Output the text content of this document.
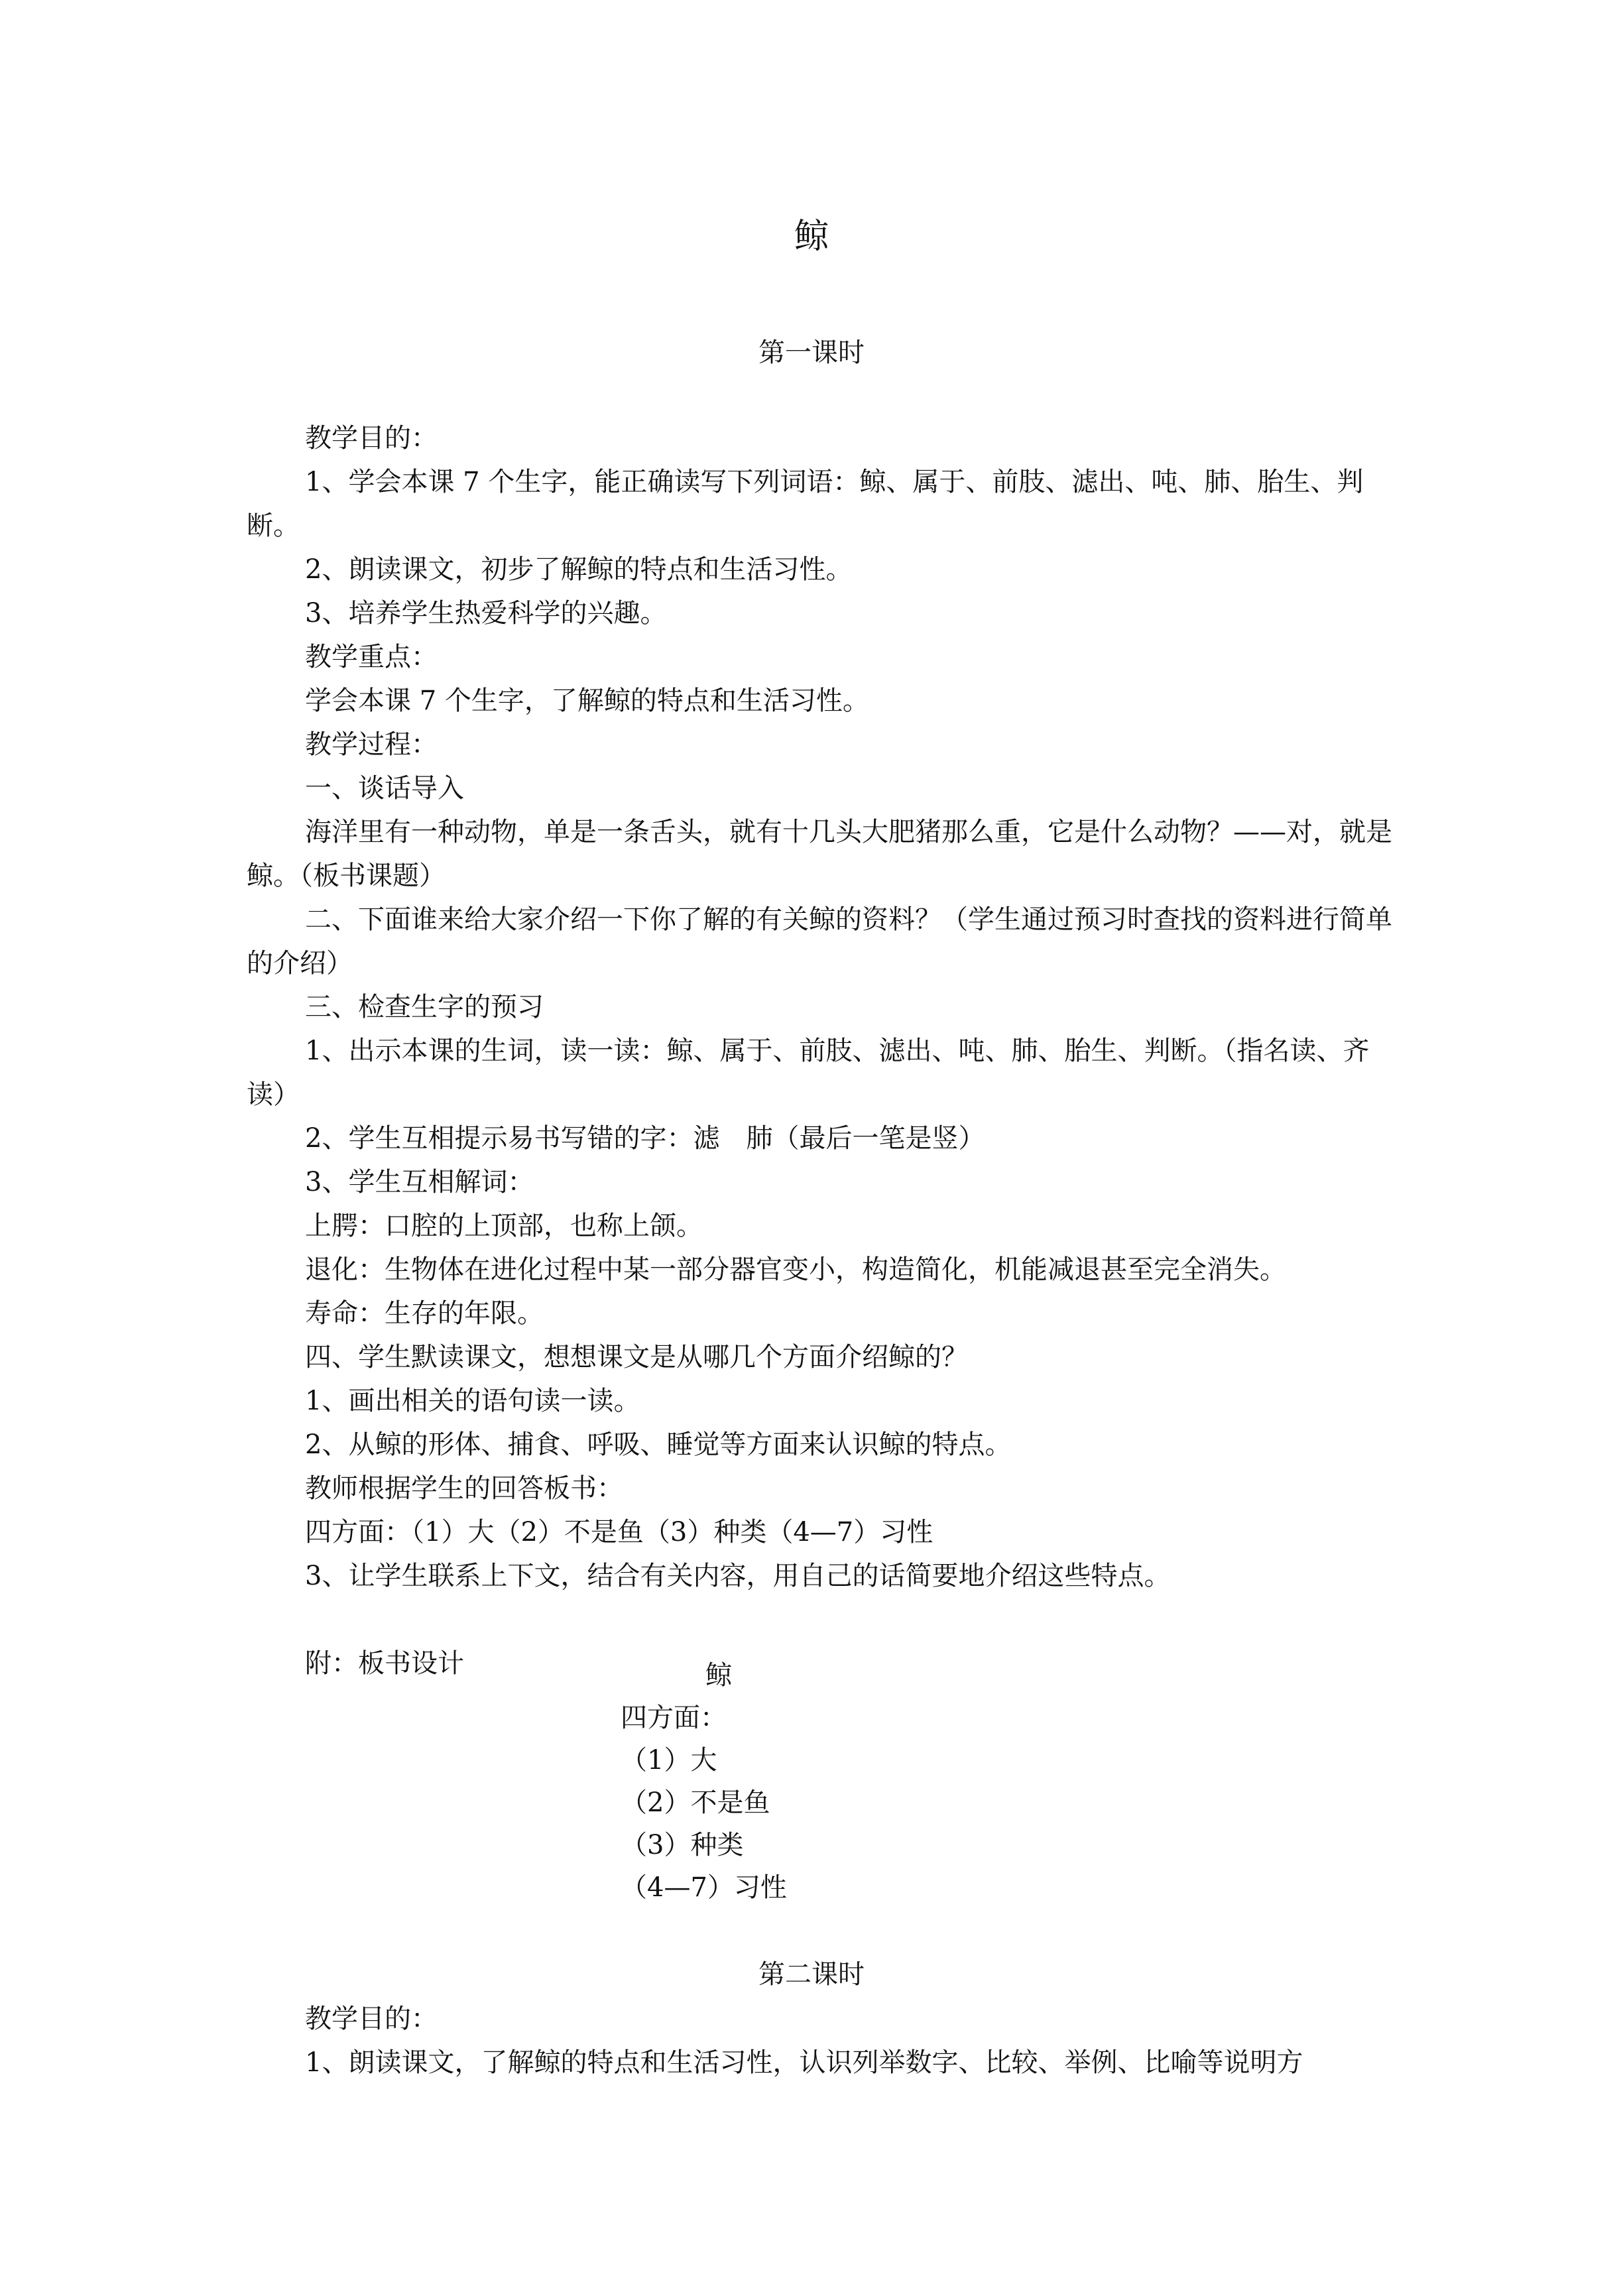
鲸
第一课时

教学目的：

1、学会本课 7 个生字，能正确读写下列词语：鲸、属于、前肢、滤出、吨、肺、胎生、判断。

2、朗读课文，初步了解鲸的特点和生活习性。

3、培养学生热爱科学的兴趣。

教学重点：

学会本课 7 个生字，了解鲸的特点和生活习性。

教学过程：

一、谈话导入

海洋里有一种动物，单是一条舌头，就有十几头大肥猪那么重，它是什么动物？——对，就是鲸。（板书课题）

二、下面谁来给大家介绍一下你了解的有关鲸的资料？（学生通过预习时查找的资料进行简单的介绍）

三、检查生字的预习

1、出示本课的生词，读一读：鲸、属于、前肢、滤出、吨、肺、胎生、判断。（指名读、齐读）

2、学生互相提示易书写错的字：滤　肺（最后一笔是竖）

3、学生互相解词：

上腭：口腔的上顶部，也称上颌。

退化：生物体在进化过程中某一部分器官变小，构造简化，机能减退甚至完全消失。

寿命：生存的年限。

四、学生默读课文，想想课文是从哪几个方面介绍鲸的？

1、画出相关的语句读一读。

2、从鲸的形体、捕食、呼吸、睡觉等方面来认识鲸的特点。

教师根据学生的回答板书：

四方面：（1）大（2）不是鱼（3）种类（4—7）习性

3、让学生联系上下文，结合有关内容，用自己的话简要地介绍这些特点。

附：板书设计	鲸
四方面：
（1）大
（2）不是鱼
（3）种类
（4—7）习性
第二课时

教学目的：

1、朗读课文，了解鲸的特点和生活习性，认识列举数字、比较、举例、比喻等说明方
